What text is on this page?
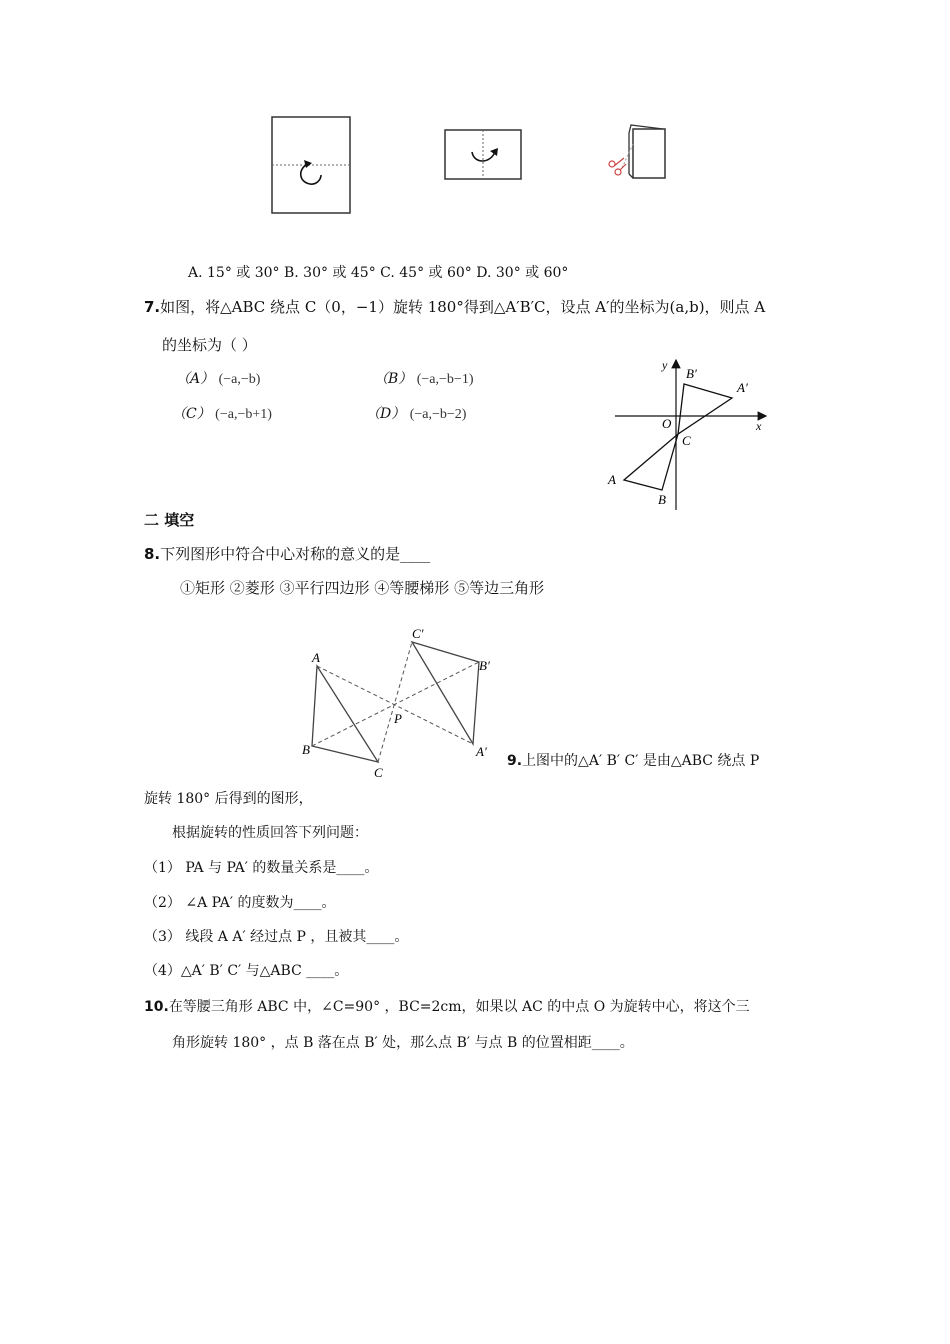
A. 15° 或 30° B. 30° 或 45° C. 45° 或 60° D. 30° 或 60°
7.如图，将△ABC 绕点 C（0，−1）旋转 180°得到△A′B′C，设点 A′的坐标为(a,b)，则点 A
的坐标为（ ）
（A） (−a,−b)	（B） (−a,−b−1)
（C） (−a,−b+1)	（D） (−a,−b−2)
y
x
O
C
B′
A′
A
B
二 填空
8.下列图形中符合中心对称的意义的是____
①矩形 ②菱形 ③平行四边形 ④等腰梯形 ⑤等边三角形
A
B
C
P
A′
B′
C′
9.上图中的△A′ B′ C′ 是由△ABC 绕点 P
旋转 180° 后得到的图形，
根据旋转的性质回答下列问题：
（1） PA 与 PA′ 的数量关系是____。
（2） ∠A PA′ 的度数为____。
（3） 线段 A A′ 经过点 P ，且被其____。
（4）△A′ B′ C′ 与△ABC ____。
10.在等腰三角形 ABC 中，∠C=90° ，BC=2cm，如果以 AC 的中点 O 为旋转中心，将这个三
角形旋转 180° ，点 B 落在点 B′ 处，那么点 B′ 与点 B 的位置相距____。
